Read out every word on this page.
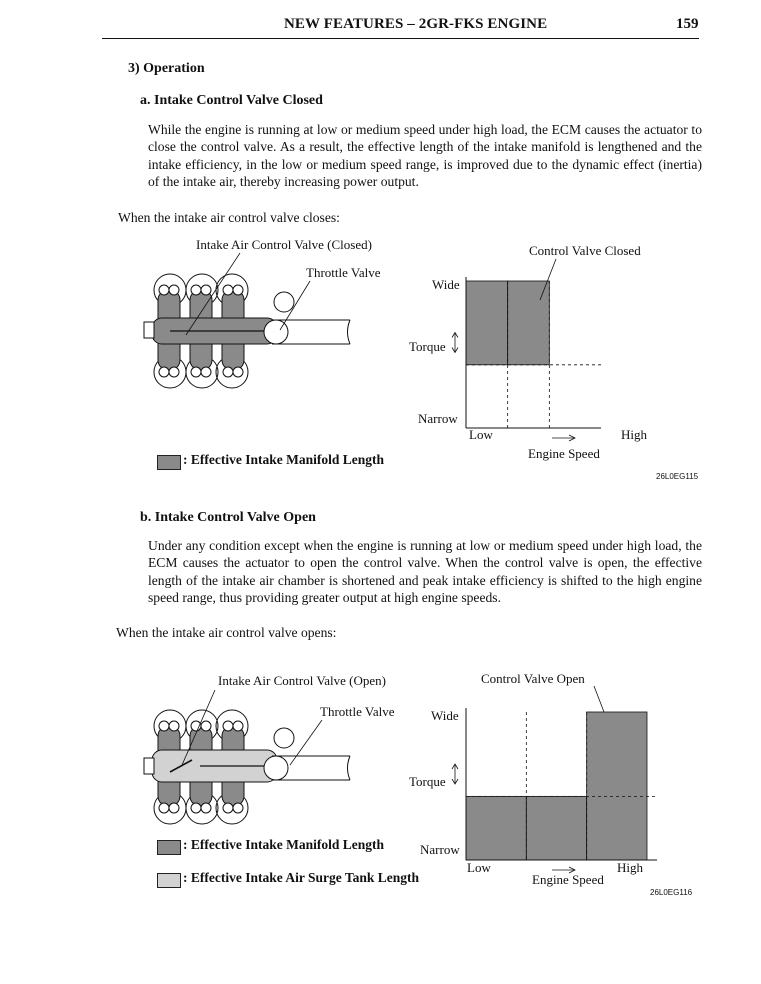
NEW FEATURES – 2GR-FKS ENGINE	159
3) Operation
a. Intake Control Valve Closed
While the engine is running at low or medium speed under high load, the ECM causes the actuator to close the control valve. As a result, the effective length of the intake manifold is lengthened and the intake efficiency, in the low or medium speed range, is improved due to the dynamic effect (inertia) of the intake air, thereby increasing power output.
When the intake air control valve closes:
Intake Air Control Valve (Closed)
Throttle Valve
: Effective Intake Manifold Length
Control Valve Closed
Wide
Torque
Narrow
Low	High
Engine Speed
26L0EG115
b. Intake Control Valve Open
Under any condition except when the engine is running at low or medium speed under high load, the ECM causes the actuator to open the control valve. When the control valve is open, the effective length of the intake air chamber is shortened and peak intake efficiency is shifted to the high engine speed range, thus providing greater output at high engine speeds.
When the intake air control valve opens:
Intake Air Control Valve (Open)
Throttle Valve
: Effective Intake Manifold Length
: Effective Intake Air Surge Tank Length
Control Valve Open
Wide
Torque
Narrow
Low	High
Engine Speed
26L0EG116
